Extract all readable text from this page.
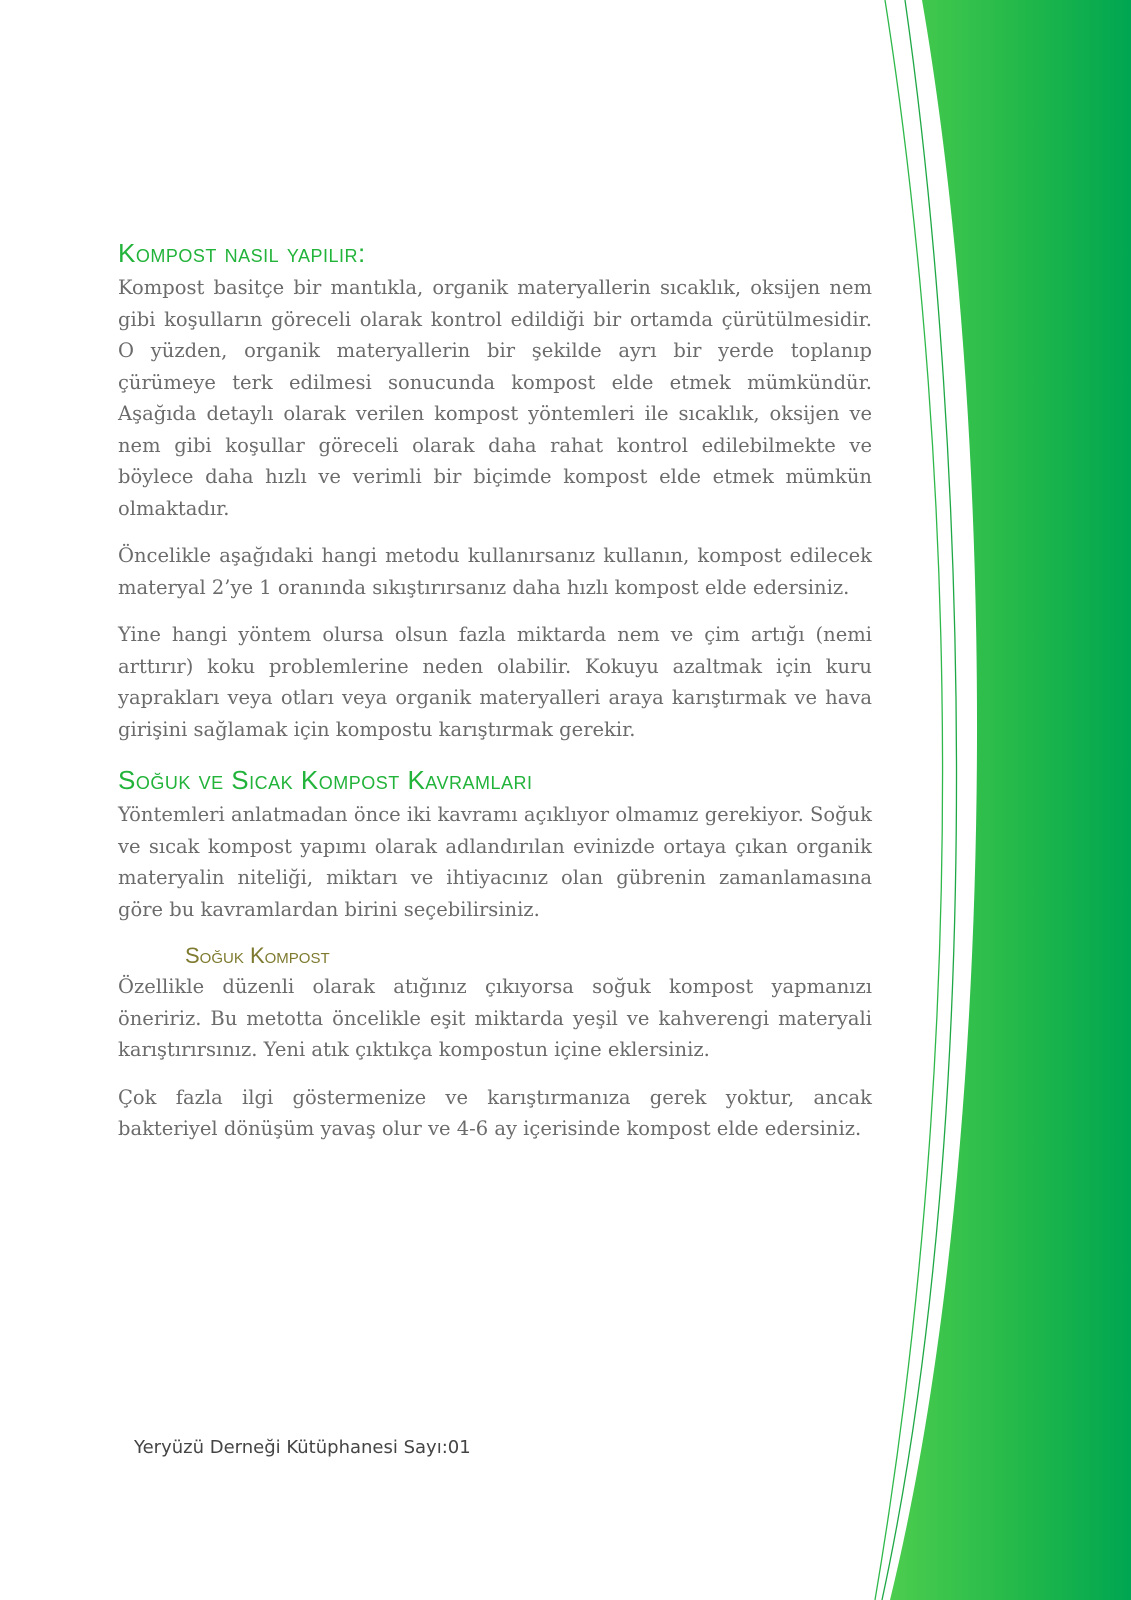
Kompost nasıl yapılır:

Kompost basitçe bir mantıkla, organik materyallerin sıcaklık, oksijen nem gibi koşulların göreceli olarak kontrol edildiği bir ortamda çürütülmesidir. O yüzden, organik materyallerin bir şekilde ayrı bir yerde toplanıp çürümeye terk edilmesi sonucunda kompost elde etmek mümkündür. Aşağıda detaylı olarak verilen kompost yöntemleri ile sıcaklık, oksijen ve nem gibi koşullar göreceli olarak daha rahat kontrol edilebilmekte ve böylece daha hızlı ve verimli bir biçimde kompost elde etmek mümkün olmaktadır.

Öncelikle aşağıdaki hangi metodu kullanırsanız kullanın, kompost edilecek materyal 2’ye 1 oranında sıkıştırırsanız daha hızlı kompost elde edersiniz.

Yine hangi yöntem olursa olsun fazla miktarda nem ve çim artığı (nemi arttırır) koku problemlerine neden olabilir. Kokuyu azaltmak için kuru yaprakları veya otları veya organik materyalleri araya karıştırmak ve hava girişini sağlamak için kompostu karıştırmak gerekir.

Soğuk ve Sıcak Kompost Kavramları

Yöntemleri anlatmadan önce iki kavramı açıklıyor olmamız gerekiyor. Soğuk ve sıcak kompost yapımı olarak adlandırılan evinizde ortaya çıkan organik materyalin niteliği, miktarı ve ihtiyacınız olan gübrenin zamanlamasına göre bu kavramlardan birini seçebilirsiniz.

Soğuk Kompost

Özellikle düzenli olarak atığınız çıkıyorsa soğuk kompost yapmanızı öneririz. Bu metotta öncelikle eşit miktarda yeşil ve kahverengi materyali karıştırırsınız. Yeni atık çıktıkça kompostun içine eklersiniz.

Çok fazla ilgi göstermenize ve karıştırmanıza gerek yoktur, ancak bakteriyel dönüşüm yavaş olur ve 4-6 ay içerisinde kompost elde edersiniz.

Yeryüzü Derneği Kütüphanesi Sayı:01
